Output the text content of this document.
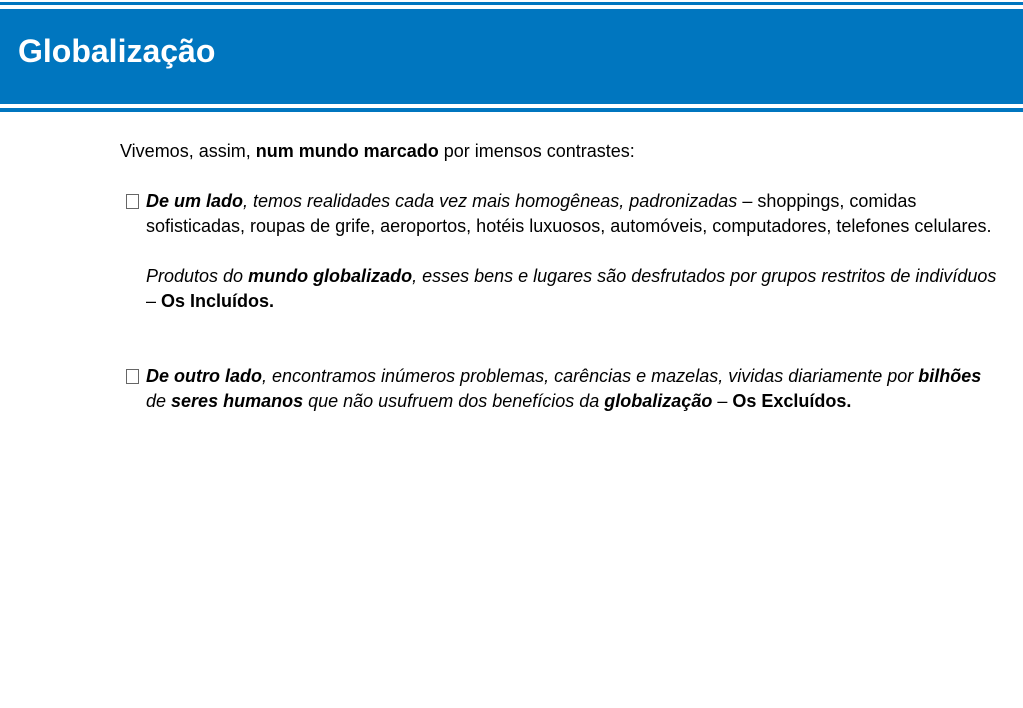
Globalização

Vivemos, assim, num mundo marcado por imensos contrastes:

De um lado, temos realidades cada vez mais homogêneas, padronizadas – shoppings, comidas sofisticadas, roupas de grife, aeroportos, hotéis luxuosos, automóveis, computadores, telefones celulares.

Produtos do mundo globalizado, esses bens e lugares são desfrutados por grupos restritos de indivíduos – Os Incluídos.

De outro lado, encontramos inúmeros problemas, carências e mazelas, vividas diariamente por bilhões de seres humanos que não usufruem dos benefícios da globalização – Os Excluídos.
